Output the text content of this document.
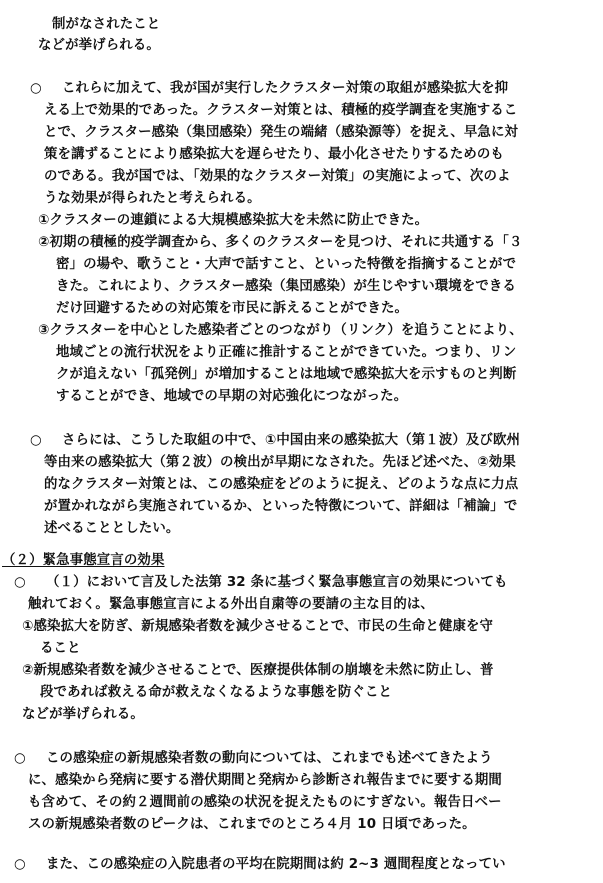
制がなされたこと

などが挙げられる。

○ これらに加えて、我が国が実行したクラスター対策の取組が感染拡大を抑

える上で効果的であった。クラスター対策とは、積極的疫学調査を実施するこ

とで、クラスター感染（集団感染）発生の端緒（感染源等）を捉え、早急に対

策を講ずることにより感染拡大を遅らせたり、最小化させたりするためのも

のである。我が国では、「効果的なクラスター対策」の実施によって、次のよ

うな効果が得られたと考えられる。

①クラスターの連鎖による大規模感染拡大を未然に防止できた。

②初期の積極的疫学調査から、多くのクラスターを見つけ、それに共通する「３

密」の場や、歌うこと・大声で話すこと、といった特徴を指摘することがで

きた。これにより、クラスター感染（集団感染）が生じやすい環境をできる

だけ回避するための対応策を市民に訴えることができた。

③クラスターを中心とした感染者ごとのつながり（リンク）を追うことにより、

地域ごとの流行状況をより正確に推計することができていた。つまり、リン

クが追えない「孤発例」が増加することは地域で感染拡大を示すものと判断

することができ、地域での早期の対応強化につながった。

○ さらには、こうした取組の中で、①中国由来の感染拡大（第１波）及び欧州

等由来の感染拡大（第２波）の検出が早期になされた。先ほど述べた、②効果

的なクラスター対策とは、この感染症をどのように捉え、どのような点に力点

が置かれながら実施されているか、といった特徴について、詳細は「補論」で

述べることとしたい。

（２）緊急事態宣言の効果

○ （１）において言及した法第 32 条に基づく緊急事態宣言の効果についても

触れておく。緊急事態宣言による外出自粛等の要請の主な目的は、

①感染拡大を防ぎ、新規感染者数を減少させることで、市民の生命と健康を守

ること

②新規感染者数を減少させることで、医療提供体制の崩壊を未然に防止し、普

段であれば救える命が救えなくなるような事態を防ぐこと

などが挙げられる。

○ この感染症の新規感染者数の動向については、これまでも述べてきたよう

に、感染から発病に要する潜伏期間と発病から診断され報告までに要する期間

も含めて、その約２週間前の感染の状況を捉えたものにすぎない。報告日ベー

スの新規感染者数のピークは、これまでのところ４月 10 日頃であった。

○ また、この感染症の入院患者の平均在院期間は約 2~3 週間程度となってい
